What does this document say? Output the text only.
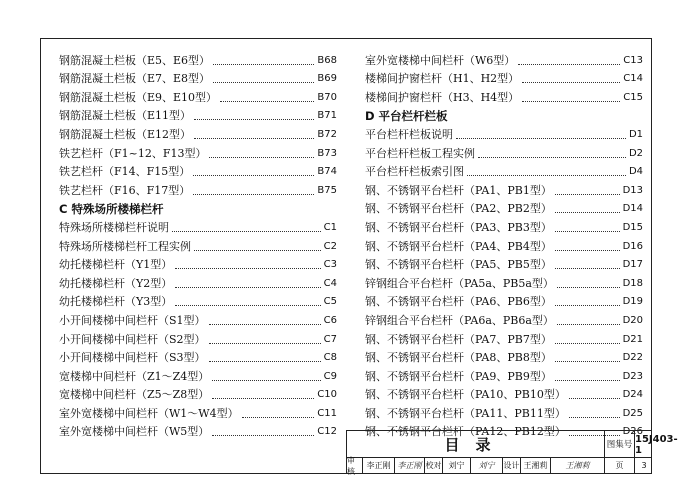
钢筋混凝土栏板（E5、E6型）	B68
钢筋混凝土栏板（E7、E8型）	B69
钢筋混凝土栏板（E9、E10型）	B70
钢筋混凝土栏板（E11型）	B71
钢筋混凝土栏板（E12型）	B72
铁艺栏杆（F1~12、F13型）	B73
铁艺栏杆（F14、F15型）	B74
铁艺栏杆（F16、F17型）	B75
C 特殊场所楼梯栏杆
特殊场所楼梯栏杆说明	C1
特殊场所楼梯栏杆工程实例	C2
幼托楼梯栏杆（Y1型）	C3
幼托楼梯栏杆（Y2型）	C4
幼托楼梯栏杆（Y3型）	C5
小开间楼梯中间栏杆（S1型）	C6
小开间楼梯中间栏杆（S2型）	C7
小开间楼梯中间栏杆（S3型）	C8
宽楼梯中间栏杆（Z1～Z4型）	C9
宽楼梯中间栏杆（Z5～Z8型）	C10
室外宽楼梯中间栏杆（W1～W4型）	C11
室外宽楼梯中间栏杆（W5型）	C12
室外宽楼梯中间栏杆（W6型）	C13
楼梯间护窗栏杆（H1、H2型）	C14
楼梯间护窗栏杆（H3、H4型）	C15
D 平台栏杆栏板
平台栏杆栏板说明	D1
平台栏杆栏板工程实例	D2
平台栏杆栏板索引图	D4
钢、不锈钢平台栏杆（PA1、PB1型）	D13
钢、不锈钢平台栏杆（PA2、PB2型）	D14
钢、不锈钢平台栏杆（PA3、PB3型）	D15
钢、不锈钢平台栏杆（PA4、PB4型）	D16
钢、不锈钢平台栏杆（PA5、PB5型）	D17
锌钢组合平台栏杆（PA5a、PB5a型）	D18
钢、不锈钢平台栏杆（PA6、PB6型）	D19
锌钢组合平台栏杆（PA6a、PB6a型）	D20
钢、不锈钢平台栏杆（PA7、PB7型）	D21
钢、不锈钢平台栏杆（PA8、PB8型）	D22
钢、不锈钢平台栏杆（PA9、PB9型）	D23
钢、不锈钢平台栏杆（PA10、PB10型）	D24
钢、不锈钢平台栏杆（PA11、PB11型）	D25
钢、不锈钢平台栏杆（PA12、PB12型）	D26
目录	图集号
15J403-1
审核
李正刚 李正刚 校对 刘宁	刘宁	设计 王湘莉	王湘莉	页	3
